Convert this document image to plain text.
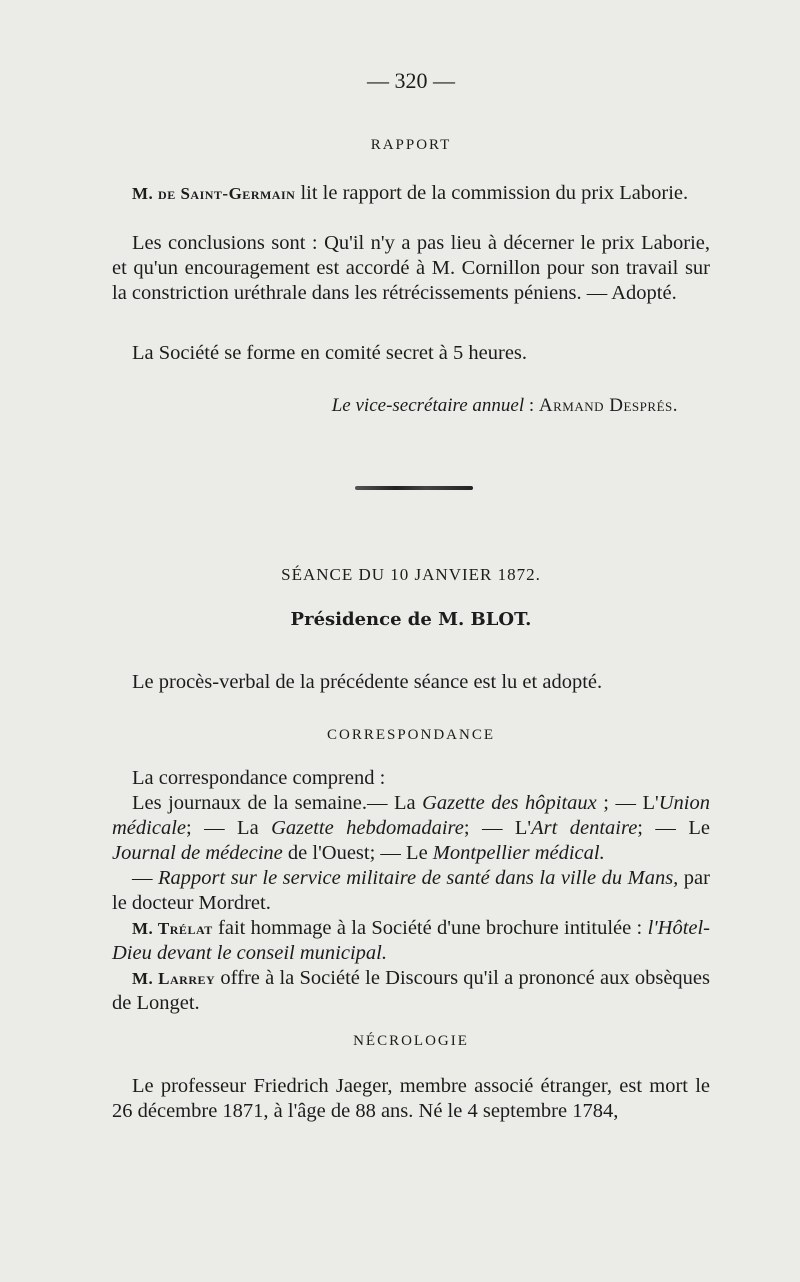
— 320 —
RAPPORT
M. de Saint-Germain lit le rapport de la commission du prix Laborie.
Les conclusions sont : Qu'il n'y a pas lieu à décerner le prix Laborie, et qu'un encouragement est accordé à M. Cornillon pour son travail sur la constriction uréthrale dans les rétrécissements péniens. — Adopté.
La Société se forme en comité secret à 5 heures.
Le vice-secrétaire annuel : Armand Després.
SÉANCE DU 10 JANVIER 1872.
Présidence de M. BLOT.
Le procès-verbal de la précédente séance est lu et adopté.
CORRESPONDANCE
La correspondance comprend :
Les journaux de la semaine.— La Gazette des hôpitaux ; — L'Union médicale; — La Gazette hebdomadaire; — L'Art dentaire; — Le Journal de médecine de l'Ouest; — Le Montpellier médical.
— Rapport sur le service militaire de santé dans la ville du Mans, par le docteur Mordret.
M. Trélat fait hommage à la Société d'une brochure intitulée : l'Hôtel-Dieu devant le conseil municipal.
M. Larrey offre à la Société le Discours qu'il a prononcé aux obsèques de Longet.
NÉCROLOGIE
Le professeur Friedrich Jaeger, membre associé étranger, est mort le 26 décembre 1871, à l'âge de 88 ans. Né le 4 septembre 1784,
